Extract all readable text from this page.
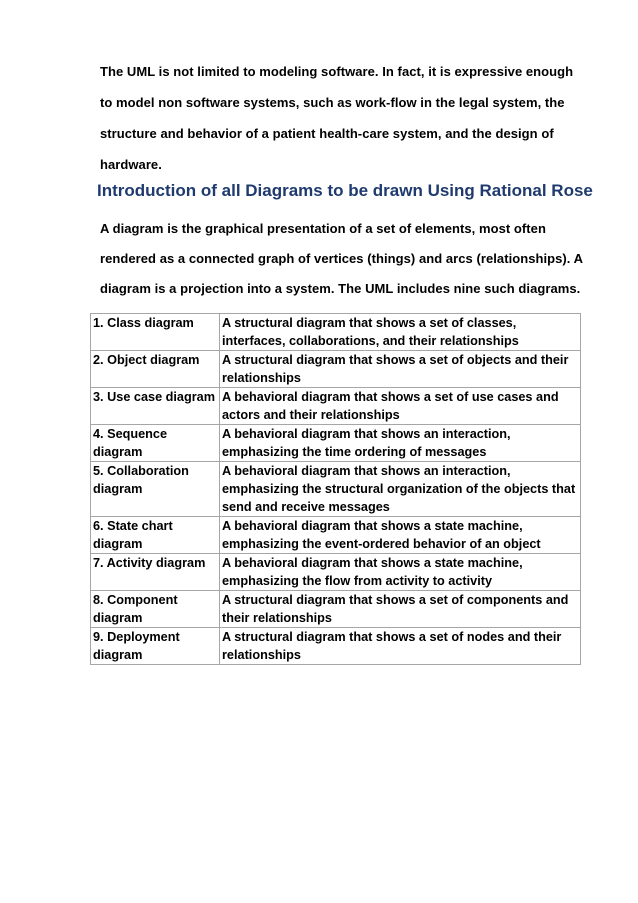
The UML is not limited to modeling software. In fact, it is expressive enough
to model non software systems, such as work-flow in the legal system, the
structure and behavior of a patient health-care system, and the design of
hardware.
Introduction of all Diagrams to be drawn Using Rational Rose
A diagram is the graphical presentation of a set of elements, most often
rendered as a connected graph of vertices (things) and arcs (relationships). A
diagram is a projection into a system. The UML includes nine such diagrams.
1. Class diagram	A structural diagram that shows a set of classes, interfaces, collaborations, and their relationships
2. Object diagram	A structural diagram that shows a set of objects and their relationships
3. Use case diagram	A behavioral diagram that shows a set of use cases and actors and their relationships
4. Sequence diagram	A behavioral diagram that shows an interaction, emphasizing the time ordering of messages
5. Collaboration diagram	A behavioral diagram that shows an interaction, emphasizing the structural organization of the objects that send and receive messages
6. State chart diagram	A behavioral diagram that shows a state machine, emphasizing the event-ordered behavior of an object
7. Activity diagram	A behavioral diagram that shows a state machine, emphasizing the flow from activity to activity
8. Component diagram	A structural diagram that shows a set of components and their relationships
9. Deployment diagram	A structural diagram that shows a set of nodes and their relationships
